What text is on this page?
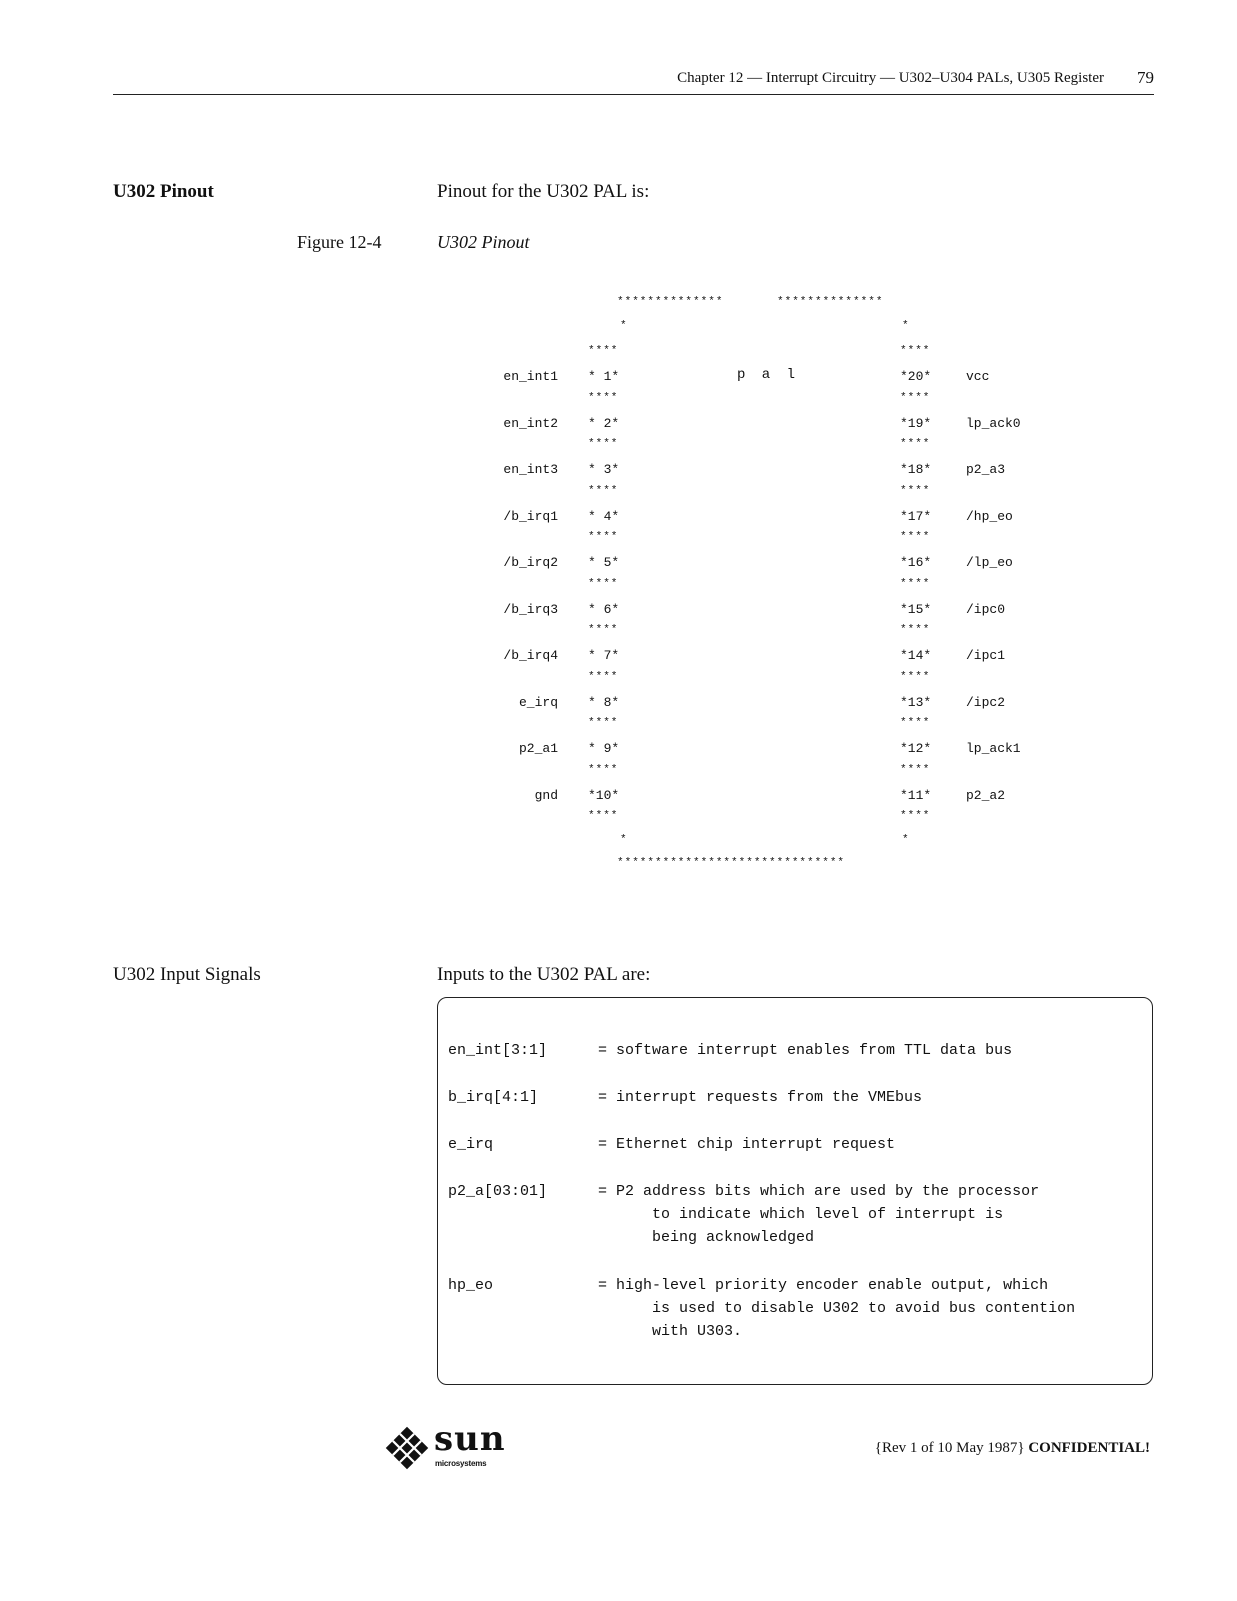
Chapter 12 — Interrupt Circuitry — U302–U304 PALs, U305 Register 79
U302 Pinout	Pinout for the U302 PAL is:
Figure 12-4	U302 Pinout
**************	**************
*	*
p a l
*	*
******************************
****	****
en_int1 * 1*	*20*	vcc
****	****
en_int2 * 2*	*19*	lp_ack0
****	****
en_int3 * 3*	*18*	p2_a3
****	****
/b_irq1 * 4*	*17*	/hp_eo
****	****
/b_irq2 * 5*	*16*	/lp_eo
****	****
/b_irq3 * 6*	*15*	/ipc0
****	****
/b_irq4 * 7*	*14*	/ipc1
****	****
e_irq * 8*	*13*	/ipc2
****	****
p2_a1 * 9*	*12*	lp_ack1
****	****
gnd *10*	*11*	p2_a2
****	****
U302 Input Signals	Inputs to the U302 PAL are:

en_int[3:1]

	= software interrupt enables from TTL data bus

b_irq[4:1]

	= interrupt requests from the VMEbus

e_irq

	= Ethernet chip interrupt request

p2_a[03:01]

	= P2 address bits which are used by the processor
to indicate which level of interrupt is
being acknowledged

hp_eo

	= high-level priority encoder enable output, which
is used to disable U302 to avoid bus contention
with U303.

sun
microsystems
{Rev 1 of 10 May 1987} CONFIDENTIAL!
